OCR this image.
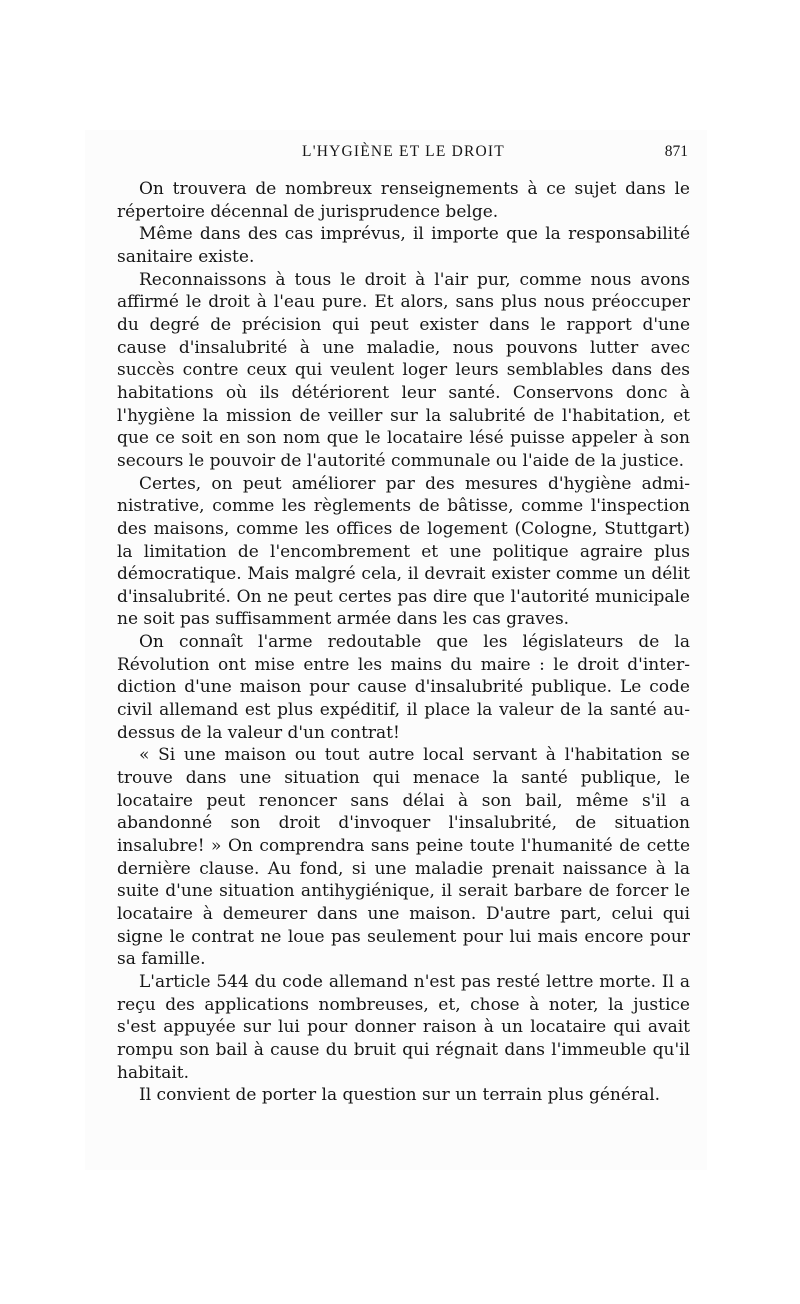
L'HYGIÈNE ET LE DROIT	871

On trouvera de nombreux renseignements à ce sujet dans le répertoire décennal de jurisprudence belge.

Même dans des cas imprévus, il importe que la responsabilité sanitaire existe.

Reconnaissons à tous le droit à l'air pur, comme nous avons affirmé le droit à l'eau pure. Et alors, sans plus nous préoccuper du degré de précision qui peut exister dans le rapport d'une cause d'insalubrité à une maladie, nous pouvons lutter avec succès contre ceux qui veulent loger leurs semblables dans des habitations où ils détériorent leur santé. Conservons donc à l'hygiène la mission de veiller sur la salubrité de l'habitation, et que ce soit en son nom que le locataire lésé puisse appeler à son secours le pouvoir de l'autorité communale ou l'aide de la justice.

Certes, on peut améliorer par des mesures d'hygiène administrative, comme les règlements de bâtisse, comme l'inspection des maisons, comme les offices de logement (Cologne, Stuttgart) la limitation de l'encombrement et une politique agraire plus démocratique. Mais malgré cela, il devrait exister comme un délit d'insalubrité. On ne peut certes pas dire que l'autorité municipale ne soit pas suffisamment armée dans les cas graves.

On connaît l'arme redoutable que les législateurs de la Révolution ont mise entre les mains du maire : le droit d'interdiction d'une maison pour cause d'insalubrité publique. Le code civil allemand est plus expéditif, il place la valeur de la santé au-dessus de la valeur d'un contrat!

« Si une maison ou tout autre local servant à l'habitation se trouve dans une situation qui menace la santé publique, le locataire peut renoncer sans délai à son bail, même s'il a abandonné son droit d'invoquer l'insalubrité, de situation insalubre! » On comprendra sans peine toute l'humanité de cette dernière clause. Au fond, si une maladie prenait naissance à la suite d'une situation antihygiénique, il serait barbare de forcer le locataire à demeurer dans une maison. D'autre part, celui qui signe le contrat ne loue pas seulement pour lui mais encore pour sa famille.

L'article 544 du code allemand n'est pas resté lettre morte. Il a reçu des applications nombreuses, et, chose à noter, la justice s'est appuyée sur lui pour donner raison à un locataire qui avait rompu son bail à cause du bruit qui régnait dans l'immeuble qu'il habitait.

Il convient de porter la question sur un terrain plus général.
